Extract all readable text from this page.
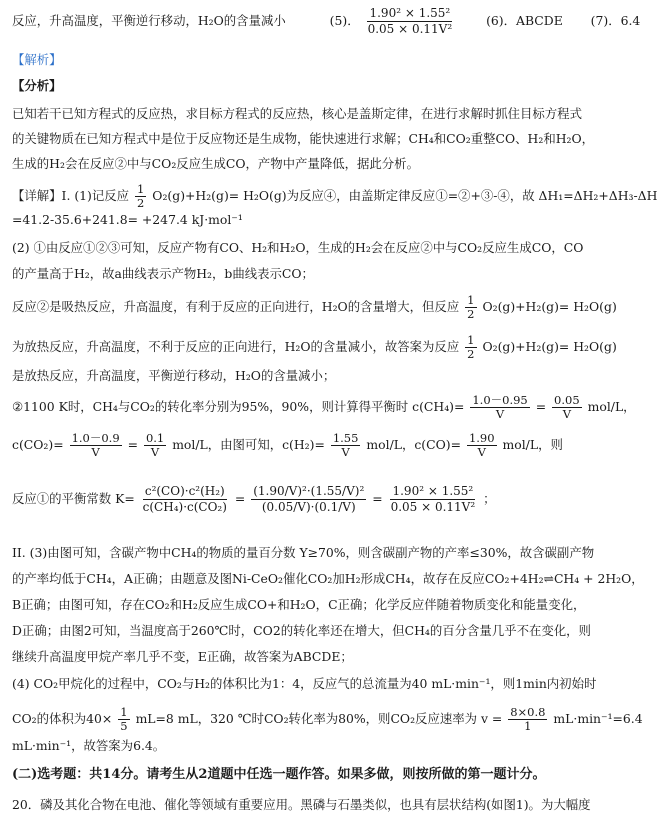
反应，升高温度，平衡逆行移动，H₂O的含量减小	(5)． $\frac{\text{1.90² × 1.55²}}{\text{0.05 × 0.11V²}}$	(6)．ABCDE (7)．6.4
【解析】
【分析】
已知若干已知方程式的反应热，求目标方程式的反应热，核心是盖斯定律，在进行求解时抓住目标方程式
的关键物质在已知方程式中是位于反应物还是生成物，能快速进行求解；CH₄和CO₂重整CO、H₂和H₂O，
生成的H₂会在反应②中与CO₂反应生成CO，产物中产量降低，据此分析。
【详解】I. (1)记反应 $\frac{1}{2} O_2(g)+H_2(g)= H_2O(g)$为反应④，由盖斯定律反应①=②+③-④，故 ΔH₁=ΔH₂+ΔH₃-ΔH
=41.2-35.6+241.8= +247.4 kJ·mol⁻¹
(2) ①由反应①②③可知，反应产物有CO、H₂和H₂O，生成的H₂会在反应②中与CO₂反应生成CO，CO
的产量高于H₂，故a曲线表示产物H₂，b曲线表示CO；
反应②是吸热反应，升高温度，有利于反应的正向进行，H₂O的含量增大，但反应 $\frac{1}{2} O_2(g)+H_2(g)= H_2O(g)$
为放热反应，升高温度，不利于反应的正向进行，H₂O的含量减小，故答案为反应 $\frac{1}{2} O_2(g)+H_2(g)= H_2O(g)$
是放热反应，升高温度，平衡逆行移动，H₂O的含量减小；
②1100 K时，CH₄与CO₂的转化率分别为95%，90%，则计算得平衡时 $c(CH_4)= \frac{1.0-0.95}{V} = \frac{0.05}{V} mol/L$，
$c(CO_2)= \frac{1.0-0.9}{V} = \frac{0.1}{V} mol/L$，由图可知，$c(H_2)= \frac{1.55}{V} mol/L$，$c(CO)= \frac{1.90}{V} mol/L$，则
反应①的平衡常数 $K= \frac{\text{c²(CO)·c²(H₂)}}{\text{c(CH₄)·c(CO₂)}} = \frac{\text{(1.90/V)²·(1.55/V)²}}{(0.05/V)\cdot(0.1/V)} = \frac{\text{1.90² × 1.55²}}{\text{0.05 × 0.11V²}}$ ；
II. (3)由图可知，含碳产物中CH₄的物质的量百分数 Y≥70%，则含碳副产物的产率≤30%，故含碳副产物
的产率均低于CH₄，A正确；由题意及图Ni-CeO₂催化CO₂加H₂形成CH₄，故存在反应CO₂+4H₂⇌CH₄ + 2H₂O，
B正确；由图可知，存在CO₂和H₂反应生成CO+和H₂O，C正确；化学反应伴随着物质变化和能量变化，
D正确；由图2可知，当温度高于260℃时，CO2的转化率还在增大，但CH₄的百分含量几乎不在变化，则
继续升高温度甲烷产率几乎不变，E正确，故答案为ABCDE；
(4) CO₂甲烷化的过程中，CO₂与H₂的体积比为1：4，反应气的总流量为40 mL·min⁻¹，则1min内初始时
CO₂的体积为$40\times \frac{1}{5} mL=8$ mL，320 ℃时CO₂转化率为80%，则CO₂反应速率为 $v = \frac{8\times 0.8}{1} mL\cdot\min^{-1}=6.4$
mL·min⁻¹，故答案为6.4。
(二)选考题：共14分。请考生从2道题中任选一题作答。如果多做，则按所做的第一题计分。
20．磷及其化合物在电池、催化等领域有重要应用。黑磷与石墨类似，也具有层状结构(如图1)。为大幅度
